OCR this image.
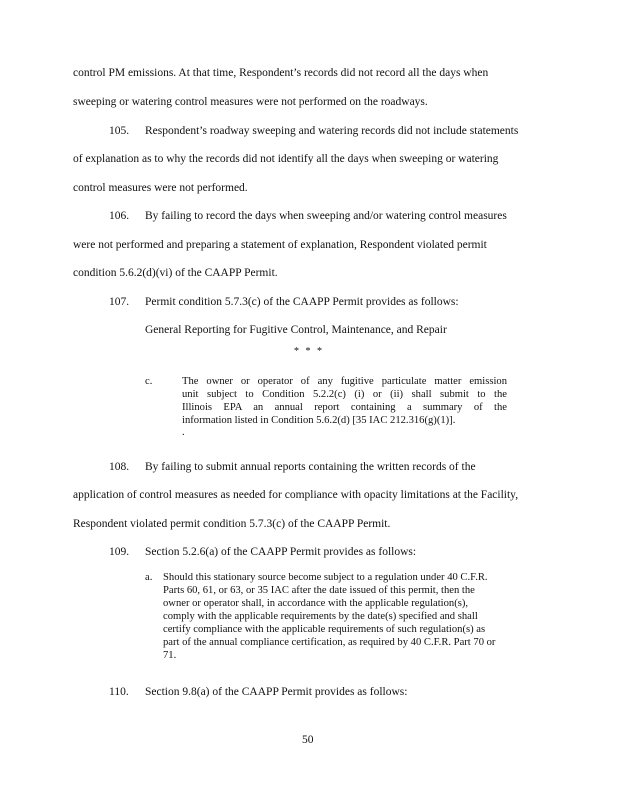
control PM emissions. At that time, Respondent’s records did not record all the days when
sweeping or watering control measures were not performed on the roadways.
105. Respondent’s roadway sweeping and watering records did not include statements
of explanation as to why the records did not identify all the days when sweeping or watering
control measures were not performed.
106. By failing to record the days when sweeping and/or watering control measures
were not performed and preparing a statement of explanation, Respondent violated permit
condition 5.6.2(d)(vi) of the CAAPP Permit.
107. Permit condition 5.7.3(c) of the CAAPP Permit provides as follows:
General Reporting for Fugitive Control, Maintenance, and Repair
* * *
c.	The owner or operator of any fugitive particulate matter emission
unit subject to Condition 5.2.2(c) (i) or (ii) shall submit to the
Illinois EPA an annual report containing a summary of the
information listed in Condition 5.6.2(d) [35 IAC 212.316(g)(1)].
.
108. By failing to submit annual reports containing the written records of the
application of control measures as needed for compliance with opacity limitations at the Facility,
Respondent violated permit condition 5.7.3(c) of the CAAPP Permit.
109. Section 5.2.6(a) of the CAAPP Permit provides as follows:
a. Should this stationary source become subject to a regulation under 40 C.F.R.
Parts 60, 61, or 63, or 35 IAC after the date issued of this permit, then the
owner or operator shall, in accordance with the applicable regulation(s),
comply with the applicable requirements by the date(s) specified and shall
certify compliance with the applicable requirements of such regulation(s) as
part of the annual compliance certification, as required by 40 C.F.R. Part 70 or
71.
110. Section 9.8(a) of the CAAPP Permit provides as follows:
50
